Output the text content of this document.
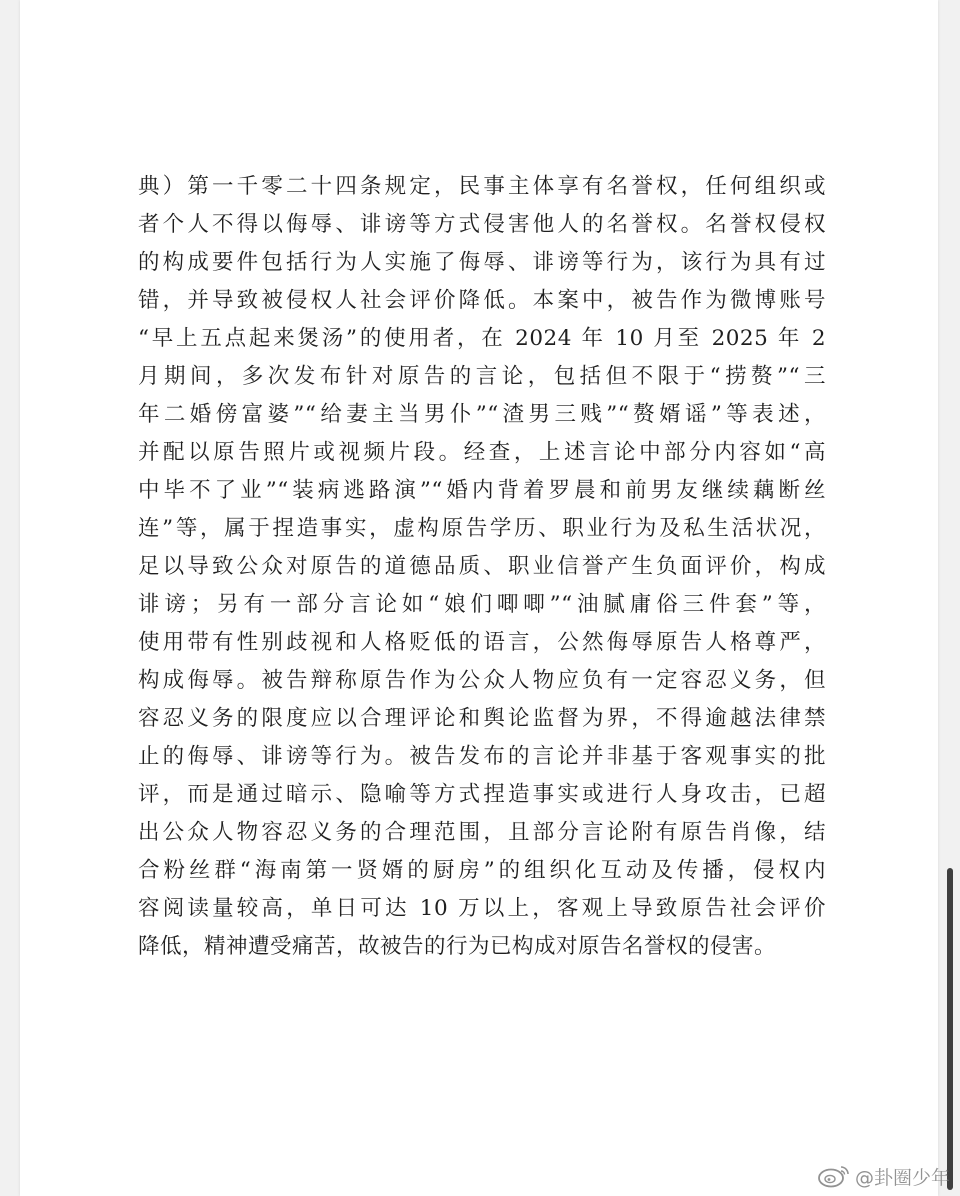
典）第一千零二十四条规定，民事主体享有名誉权，任何组织或
者个人不得以侮辱、诽谤等方式侵害他人的名誉权。名誉权侵权
的构成要件包括行为人实施了侮辱、诽谤等行为，该行为具有过
错，并导致被侵权人社会评价降低。本案中，被告作为微博账号
“早上五点起来煲汤”的使用者，在 2024 年 10 月至 2025 年 2
月期间，多次发布针对原告的言论，包括但不限于“捞赘”“三
年二婚傍富婆”“给妻主当男仆”“渣男三贱”“赘婿谣”等表述，
并配以原告照片或视频片段。经查，上述言论中部分内容如“高
中毕不了业”“装病逃路演”“婚内背着罗晨和前男友继续藕断丝
连”等，属于捏造事实，虚构原告学历、职业行为及私生活状况，
足以导致公众对原告的道德品质、职业信誉产生负面评价，构成
诽谤；另有一部分言论如“娘们唧唧”“油腻庸俗三件套”等，
使用带有性别歧视和人格贬低的语言，公然侮辱原告人格尊严，
构成侮辱。被告辩称原告作为公众人物应负有一定容忍义务，但
容忍义务的限度应以合理评论和舆论监督为界，不得逾越法律禁
止的侮辱、诽谤等行为。被告发布的言论并非基于客观事实的批
评，而是通过暗示、隐喻等方式捏造事实或进行人身攻击，已超
出公众人物容忍义务的合理范围，且部分言论附有原告肖像，结
合粉丝群“海南第一贤婿的厨房”的组织化互动及传播，侵权内
容阅读量较高，单日可达 10 万以上，客观上导致原告社会评价
降低，精神遭受痛苦，故被告的行为已构成对原告名誉权的侵害。
@卦圈少年
